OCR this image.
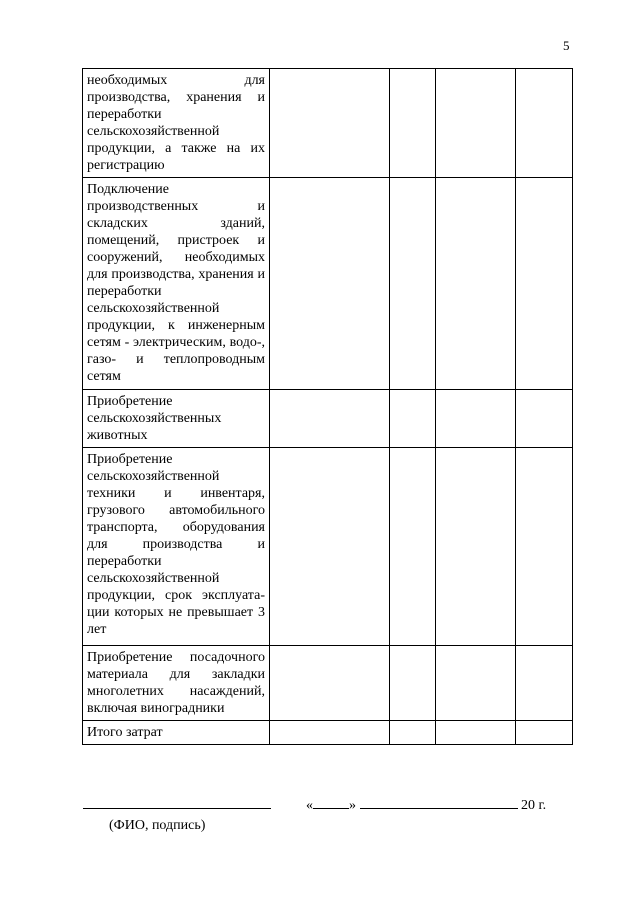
5
необходимых для производства, хранения и переработки сельскохозяйственной продукции, а также на их регистрацию				
Подключение производственных и складских зданий, помещений, пристроек и сооружений, необходимых для производства, хранения и переработки сельскохозяйственной продукции, к инженерным сетям - электрическим, водо-, газо- и теплопроводным сетям				
Приобретение сельскохозяйственных животных				
Приобретение сельскохозяйственной техники и инвентаря, грузового автомобильного транспорта, оборудования для производства и переработки сельскохозяйственной продукции, срок эксплуатации которых не превышает 3 лет				
Приобретение посадочного материала для закладки многолетних насаждений, включая виноградники				
Итого затрат				
(ФИО, подпись)
«	»	20 г.
